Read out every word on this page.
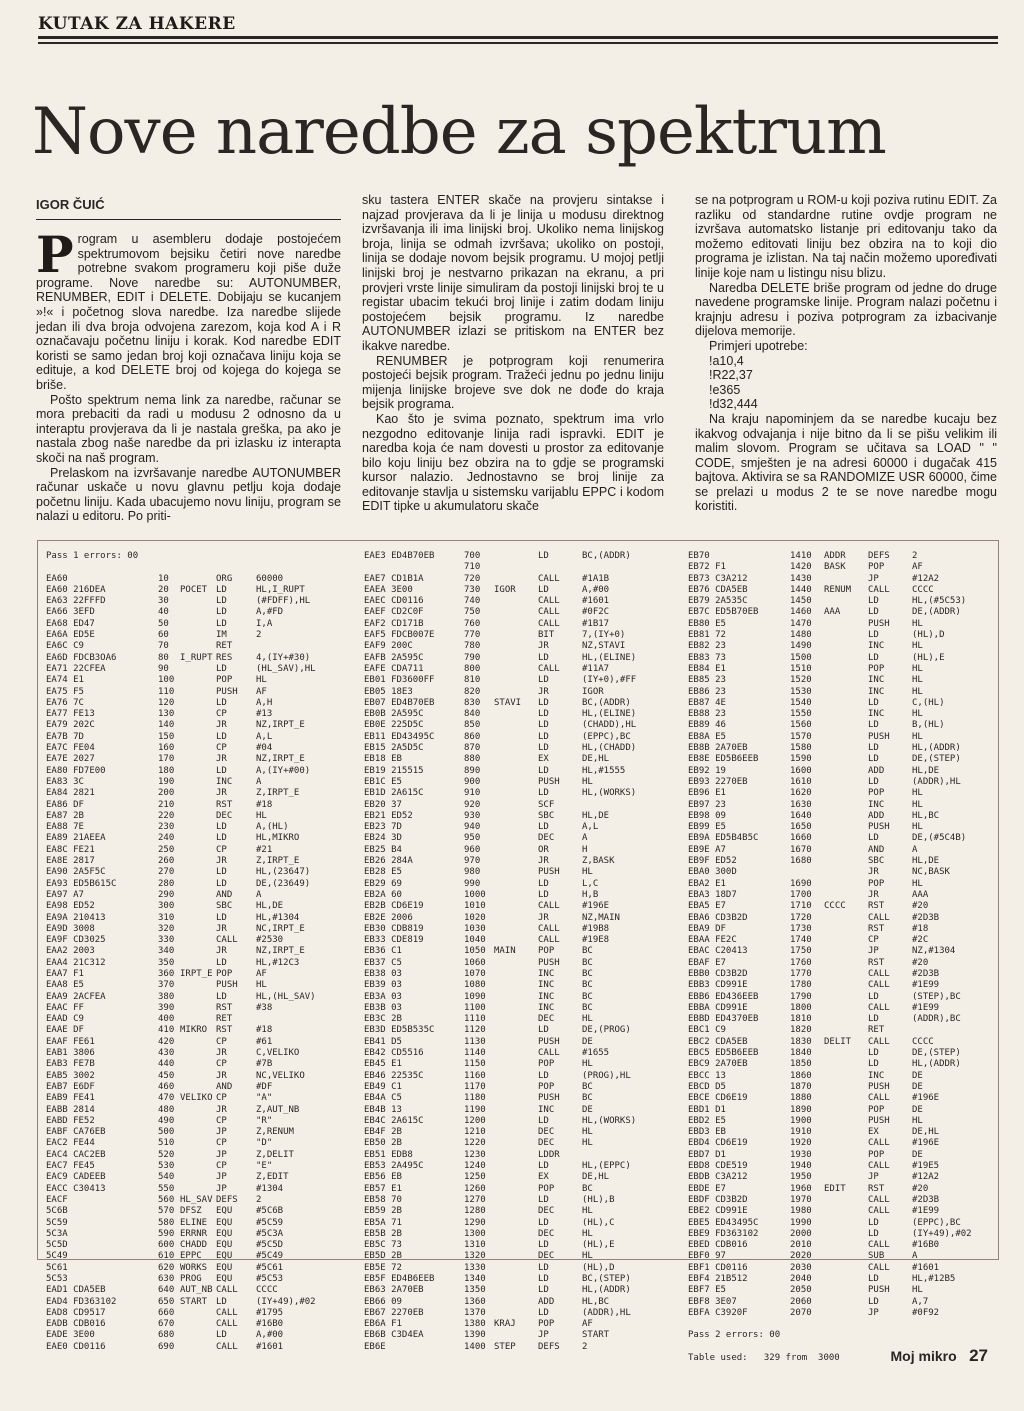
KUTAK ZA HAKERE
Nove naredbe za spektrum
IGOR ČUIĆ

Program u asembleru dodaje postojećem spektrumovom bejsiku četiri nove naredbe potrebne svakom programeru koji piše duže programe. Nove naredbe su: AUTONUMBER, RENUMBER, EDIT i DELETE. Dobijaju se kucanjem »!« i početnog slova naredbe. Iza naredbe slijede jedan ili dva broja odvojena zarezom, koja kod A i R označavaju početnu liniju i korak. Kod naredbe EDIT koristi se samo jedan broj koji označava liniju koja se edituje, a kod DELETE broj od kojega do kojega se briše.

Pošto spektrum nema link za naredbe, računar se mora prebaciti da radi u modusu 2 odnosno da u interaptu provjerava da li je nastala greška, pa ako je nastala zbog naše naredbe da pri izlasku iz interapta skoči na naš program.

Prelaskom na izvršavanje naredbe AUTONUMBER računar uskače u novu glavnu petlju koja dodaje početnu liniju. Kada ubacujemo novu liniju, program se nalazi u editoru. Po priti-

sku tastera ENTER skače na provjeru sintakse i najzad provjerava da li je linija u modusu direktnog izvršavanja ili ima linijski broj. Ukoliko nema linijskog broja, linija se odmah izvršava; ukoliko on postoji, linija se dodaje novom bejsik programu. U mojoj petlji linijski broj je nestvarno prikazan na ekranu, a pri provjeri vrste linije simuliram da postoji linijski broj te u registar ubacim tekući broj linije i zatim dodam liniju postojećem bejsik programu. Iz naredbe AUTONUMBER izlazi se pritiskom na ENTER bez ikakve naredbe.

RENUMBER je potprogram koji renumerira postojeći bejsik program. Tražeći jednu po jednu liniju mijenja linijske brojeve sve dok ne dođe do kraja bejsik programa.

Kao što je svima poznato, spektrum ima vrlo nezgodno editovanje linija radi ispravki. EDIT je naredba koja će nam dovesti u prostor za editovanje bilo koju liniju bez obzira na to gdje se programski kursor nalazio. Jednostavno se broj linije za editovanje stavlja u sistemsku varijablu EPPC i kodom EDIT tipke u akumulatoru skače

se na potprogram u ROM-u koji poziva rutinu EDIT. Za razliku od standardne rutine ovdje program ne izvršava automatsko listanje pri editovanju tako da možemo editovati liniju bez obzira na to koji dio programa je izlistan. Na taj način možemo upoređivati linije koje nam u listingu nisu blizu.

Naredba DELETE briše program od jedne do druge navedene programske linije. Program nalazi početnu i krajnju adresu i poziva potprogram za izbacivanje dijelova memorije.

Primjeri upotrebe:

!a10,4
!R22,37
!e365
!d32,444

Na kraju napominjem da se naredbe kucaju bez ikakvog odvajanja i nije bitno da li se pišu velikim ili malim slovom. Program se učitava sa LOAD " " CODE, smješten je na adresi 60000 i dugačak 415 bajtova. Aktivira se sa RANDOMIZE USR 60000, čime se prelazi u modus 2 te se nove naredbe mogu koristiti.

Pass 1 errors: 00
EA60	10	ORG	60000
EA60 216DEA	20 POCET LD	HL,I_RUPT
EA63 22FFFD	30	LD	(#FDFF),HL
EA66 3EFD	40	LD	A,#FD
EA68 ED47	50	LD	I,A
EA6A ED5E	60	IM	2
EA6C C9	70	RET
EA6D FDCB3OA6	80 I_RUPT RES	4,(IY+#30)
EA71 22CFEA	90	LD	(HL_SAV),HL
EA74 E1	100	POP	HL
EA75 F5	110	PUSH AF
EA76 7C	120	LD	A,H
EA77 FE13	130	CP	#13
EA79 202C	140	JR	NZ,IRPT_E
EA7B 7D	150	LD	A,L
EA7C FE04	160	CP	#04
EA7E 2027	170	JR	NZ,IRPT_E
EA80 FD7E00	180	LD	A,(IY+#00)
EA83 3C	190	INC	A
EA84 2821	200	JR	Z,IRPT_E
EA86 DF	210	RST	#18
EA87 2B	220	DEC	HL
EA88 7E	230	LD	A,(HL)
EA89 21AEEA	240	LD	HL,MIKRO
EA8C FE21	250	CP	#21
EA8E 2817	260	JR	Z,IRPT_E
EA90 2A5F5C	270	LD	HL,(23647)
EA93 ED5B615C	280	LD	DE,(23649)
EA97 A7	290	AND	A
EA98 ED52	300	SBC	HL,DE
EA9A 210413	310	LD	HL,#1304
EA9D 3008	320	JR	NC,IRPT_E
EA9F CD3025	330	CALL #2530
EAA2 2003	340	JR	NZ,IRPT_E
EAA4 21C312	350	LD	HL,#12C3
EAA7 F1	360 IRPT_E POP	AF
EAA8 E5	370	PUSH HL
EAA9 2ACFEA	380	LD	HL,(HL_SAV)
EAAC FF	390	RST	#38
EAAD C9	400	RET
EAAE DF	410 MIKRO RST	#18
EAAF FE61	420	CP	#61
EAB1 3806	430	JR	C,VELIKO
EAB3 FE7B	440	CP	#7B
EAB5 3002	450	JR	NC,VELIKO
EAB7 E6DF	460	AND	#DF
EAB9 FE41	470 VELIKO CP	"A"
EABB 2814	480	JR	Z,AUT_NB
EABD FE52	490	CP	"R"
EABF CA76EB	500	JP	Z,RENUM
EAC2 FE44	510	CP	"D"
EAC4 CAC2EB	520	JP	Z,DELIT
EAC7 FE45	530	CP	"E"
EAC9 CADEEB	540	JP	Z,EDIT
EACC C30413	550	JP	#1304
EACF	560 HL_SAV DEFS 2
5C6B	570 DFSZ EQU	#5C6B
5C59	580 ELINE EQU	#5C59
5C3A	590 ERRNR EQU	#5C3A
5C5D	600 CHADD EQU	#5C5D
5C49	610 EPPC EQU	#5C49
5C61	620 WORKS EQU	#5C61
5C53	630 PROG EQU	#5C53
EAD1 CDA5EB	640 AUT_NB CALL CCCC
EAD4 FD363102	650 START LD	(IY+49),#02
EAD8 CD9517	660	CALL #1795
EADB CDB016	670	CALL #16B0
EADE 3E00	680	LD	A,#00
EAE0 CD0116	690	CALL #1601
EAE3 ED4B70EB	700	LD	BC,(ADDR)
710
EAE7 CD1B1A	720	CALL #1A1B
EAEA 3E00	730 IGOR LD	A,#00
EAEC CD0116	740	CALL #1601
EAEF CD2C0F	750	CALL #0F2C
EAF2 CD171B	760	CALL #1B17
EAF5 FDCB007E	770	BIT	7,(IY+0)
EAF9 200C	780	JR	NZ,STAVI
EAFB 2A595C	790	LD	HL,(ELINE)
EAFE CDA711	800	CALL #11A7
EB01 FD3600FF	810	LD	(IY+0),#FF
EB05 18E3	820	JR	IGOR
EB07 ED4B70EB	830 STAVI LD	BC,(ADDR)
EB0B 2A595C	840	LD	HL,(ELINE)
EB0E 225D5C	850	LD	(CHADD),HL
EB11 ED43495C	860	LD	(EPPC),BC
EB15 2A5D5C	870	LD	HL,(CHADD)
EB18 EB	880	EX	DE,HL
EB19 215515	890	LD	HL,#1555
EB1C E5	900	PUSH HL
EB1D 2A615C	910	LD	HL,(WORKS)
EB20 37	920	SCF
EB21 ED52	930	SBC	HL,DE
EB23 7D	940	LD	A,L
EB24 3D	950	DEC	A
EB25 B4	960	OR	H
EB26 284A	970	JR	Z,BASK
EB28 E5	980	PUSH HL
EB29 69	990	LD	L,C
EB2A 60	1000	LD	H,B
EB2B CD6E19	1010	CALL #196E
EB2E 2006	1020	JR	NZ,MAIN
EB30 CDB819	1030	CALL #19B8
EB33 CDE819	1040	CALL #19E8
EB36 C1	1050 MAIN POP	BC
EB37 C5	1060	PUSH BC
EB38 03	1070	INC	BC
EB39 03	1080	INC	BC
EB3A 03	1090	INC	BC
EB3B 03	1100	INC	BC
EB3C 2B	1110	DEC	HL
EB3D ED5B535C	1120	LD	DE,(PROG)
EB41 D5	1130	PUSH DE
EB42 CD5516	1140	CALL #1655
EB45 E1	1150	POP	HL
EB46 22535C	1160	LD	(PROG),HL
EB49 C1	1170	POP	BC
EB4A C5	1180	PUSH BC
EB4B 13	1190	INC	DE
EB4C 2A615C	1200	LD	HL,(WORKS)
EB4F 2B	1210	DEC	HL
EB50 2B	1220	DEC	HL
EB51 EDB8	1230	LDDR
EB53 2A495C	1240	LD	HL,(EPPC)
EB56 EB	1250	EX	DE,HL
EB57 E1	1260	POP	BC
EB58 70	1270	LD	(HL),B
EB59 2B	1280	DEC	HL
EB5A 71	1290	LD	(HL),C
EB5B 2B	1300	DEC	HL
EB5C 73	1310	LD	(HL),E
EB5D 2B	1320	DEC	HL
EB5E 72	1330	LD	(HL),D
EB5F ED4B6EEB	1340	LD	BC,(STEP)
EB63 2A70EB	1350	LD	HL,(ADDR)
EB66 09	1360	ADD	HL,BC
EB67 2270EB	1370	LD	(ADDR),HL
EB6A F1	1380 KRAJ POP	AF
EB6B C3D4EA	1390	JP	START
EB6E	1400 STEP DEFS 2
EB70	1410 ADDR DEFS 2
EB72 F1	1420 BASK POP	AF
EB73 C3A212	1430	JP	#12A2
EB76 CDA5EB	1440 RENUM CALL CCCC
EB79 2A535C	1450	LD	HL,(#5C53)
EB7C ED5B70EB	1460 AAA	LD	DE,(ADDR)
EB80 E5	1470	PUSH HL
EB81 72	1480	LD	(HL),D
EB82 23	1490	INC	HL
EB83 73	1500	LD	(HL),E
EB84 E1	1510	POP	HL
EB85 23	1520	INC	HL
EB86 23	1530	INC	HL
EB87 4E	1540	LD	C,(HL)
EB88 23	1550	INC	HL
EB89 46	1560	LD	B,(HL)
EB8A E5	1570	PUSH HL
EB8B 2A70EB	1580	LD	HL,(ADDR)
EB8E ED5B6EEB	1590	LD	DE,(STEP)
EB92 19	1600	ADD	HL,DE
EB93 2270EB	1610	LD	(ADDR),HL
EB96 E1	1620	POP	HL
EB97 23	1630	INC	HL
EB98 09	1640	ADD	HL,BC
EB99 E5	1650	PUSH HL
EB9A ED5B4B5C	1660	LD	DE,(#5C4B)
EB9E A7	1670	AND	A
EB9F ED52	1680	SBC	HL,DE
EBA0 300D	JR	NC,BASK
EBA2 E1	1690	POP	HL
EBA3 18D7	1700	JR	AAA
EBA5 E7	1710 CCCC RST	#20
EBA6 CD3B2D	1720	CALL #2D3B
EBA9 DF	1730	RST	#18
EBAA FE2C	1740	CP	#2C
EBAC C20413	1750	JP	NZ,#1304
EBAF E7	1760	RST	#20
EBB0 CD3B2D	1770	CALL #2D3B
EBB3 CD991E	1780	CALL #1E99
EBB6 ED436EEB	1790	LD	(STEP),BC
EBBA CD991E	1800	CALL #1E99
EBBD ED4370EB	1810	LD	(ADDR),BC
EBC1 C9	1820	RET
EBC2 CDA5EB	1830 DELIT CALL CCCC
EBC5 ED5B6EEB	1840	LD	DE,(STEP)
EBC9 2A70EB	1850	LD	HL,(ADDR)
EBCC 13	1860	INC	DE
EBCD D5	1870	PUSH DE
EBCE CD6E19	1880	CALL #196E
EBD1 D1	1890	POP	DE
EBD2 E5	1900	PUSH HL
EBD3 EB	1910	EX	DE,HL
EBD4 CD6E19	1920	CALL #196E
EBD7 D1	1930	POP	DE
EBD8 CDE519	1940	CALL #19E5
EBDB C3A212	1950	JP	#12A2
EBDE E7	1960 EDIT RST	#20
EBDF CD3B2D	1970	CALL #2D3B
EBE2 CD991E	1980	CALL #1E99
EBE5 ED43495C	1990	LD	(EPPC),BC
EBE9 FD363102	2000	LD	(IY+49),#02
EBED CDB016	2010	CALL #16B0
EBF0 97	2020	SUB	A
EBF1 CD0116	2030	CALL #1601
EBF4 21B512	2040	LD	HL,#12B5
EBF7 E5	2050	PUSH HL
EBF8 3E07	2060	LD	A,7
EBFA C3920F	2070	JP	#0F92
Pass 2 errors: 00
Table used:   329 from  3000	Moj mikro 27
